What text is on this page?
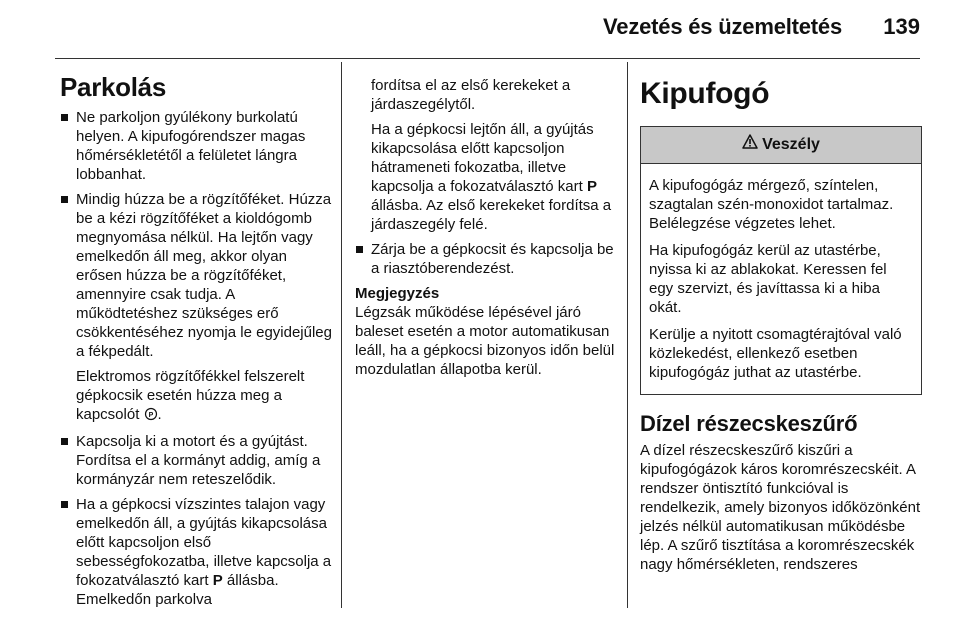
Vezetés és üzemeltetés 139
Parkolás
Ne parkoljon gyúlékony burkolatú helyen. A kipufogórendszer magas hőmérsékletétől a felületet lángra lobbanhat.

Mindig húzza be a rögzítőféket. Húzza be a kézi rögzítőféket a kioldógomb megnyomása nélkül. Ha lejtőn vagy emelkedőn áll meg, akkor olyan erősen húzza be a rögzítőféket, amennyire csak tudja. A működtetéshez szükséges erő csökkentéséhez nyomja le egyidejűleg a fékpedált.

Elektromos rögzítőfékkel felszerelt gépkocsik esetén húzza meg a kapcsolót P .

Kapcsolja ki a motort és a gyújtást. Fordítsa el a kormányt addig, amíg a kormányzár nem reteszelődik.
Ha a gépkocsi vízszintes talajon vagy emelkedőn áll, a gyújtás kikapcsolása előtt kapcsoljon első sebességfokozatba, illetve kapcsolja a fokozatválasztó kart P állásba. Emelkedőn parkolva

fordítsa el az első kerekeket a járdaszegélytől.

Ha a gépkocsi lejtőn áll, a gyújtás kikapcsolása előtt kapcsoljon hátrameneti fokozatba, illetve kapcsolja a fokozatválasztó kart P állásba. Az első kerekeket fordítsa a járdaszegély felé.

Zárja be a gépkocsit és kapcsolja be a riasztóberendezést.

Megjegyzés

Légzsák működése lépésével járó baleset esetén a motor automatikusan leáll, ha a gépkocsi bizonyos időn belül mozdulatlan állapotba kerül.

Kipufogó
Veszély

A kipufogógáz mérgező, színtelen, szagtalan szén-monoxidot tartalmaz. Belélegzése végzetes lehet.

Ha kipufogógáz kerül az utastérbe, nyissa ki az ablakokat. Keressen fel egy szervizt, és javíttassa ki a hiba okát.

Kerülje a nyitott csomagtérajtóval való közlekedést, ellenkező esetben kipufogógáz juthat az utastérbe.

Dízel részecskeszűrő

A dízel részecskeszűrő kiszűri a kipufogógázok káros koromrészecskéit. A rendszer öntisztító funkcióval is rendelkezik, amely bizonyos időközönként jelzés nélkül automatikusan működésbe lép. A szűrő tisztítása a koromrészecskék nagy hőmérsékleten, rendszeres
